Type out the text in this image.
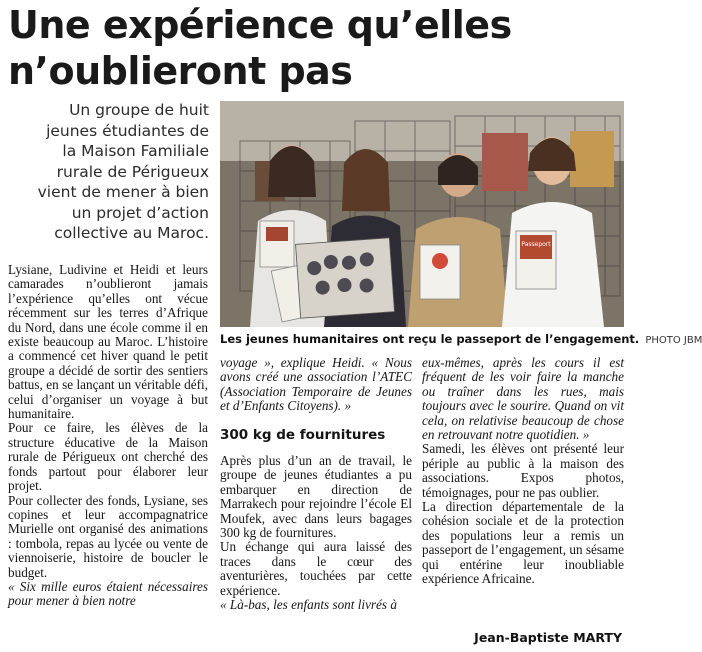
Une expérience qu’elles
n’oublieront pas
Un groupe de huit
jeunes étudiantes de
la Maison Familiale
rurale de Périgueux
vient de mener à bien
un projet d’action
collective au Maroc.
Passeport
Les jeunes humanitaires ont reçu le passeport de l’engagement. PHOTO JBM

Lysiane, Ludivine et Heidi et leurs camarades n’oublieront jamais l’expérience qu’elles ont vécue récemment sur les terres d’Afrique du Nord, dans une école comme il en existe beaucoup au Maroc. L’histoire a commencé cet hiver quand le petit groupe a décidé de sortir des sentiers battus, en se lançant un véritable défi, celui d’organiser un voyage à but humanitaire.

Pour ce faire, les élèves de la structure éducative de la Maison rurale de Périgueux ont cherché des fonds partout pour élaborer leur projet.

Pour collecter des fonds, Lysiane, ses copines et leur accompagnatrice Murielle ont organisé des animations : tombola, repas au lycée ou vente de viennoiserie, histoire de boucler le budget.

« Six mille euros étaient nécessaires pour mener à bien notre

voyage », explique Heidi. « Nous avons créé une association l’ATEC (Association Temporaire de Jeunes et d’Enfants Citoyens). »

300 kg de fournitures

Après plus d’un an de travail, le groupe de jeunes étudiantes a pu embarquer en direction de Marrakech pour rejoindre l’école El Moufek, avec dans leurs bagages 300 kg de fournitures.

Un échange qui aura laissé des traces dans le cœur des aventurières, touchées par cette expérience.

« Là-bas, les enfants sont livrés à

eux-mêmes, après les cours il est fréquent de les voir faire la manche ou traîner dans les rues, mais toujours avec le sourire. Quand on vit cela, on relativise beaucoup de chose en retrouvant notre quotidien. »

Samedi, les élèves ont présenté leur périple au public à la maison des associations. Expos photos, témoignages, pour ne pas oublier.

La direction départementale de la cohésion sociale et de la protection des populations leur a remis un passeport de l’engagement, un sésame qui entérine leur inoubliable expérience Africaine.

Jean-Baptiste MARTY
